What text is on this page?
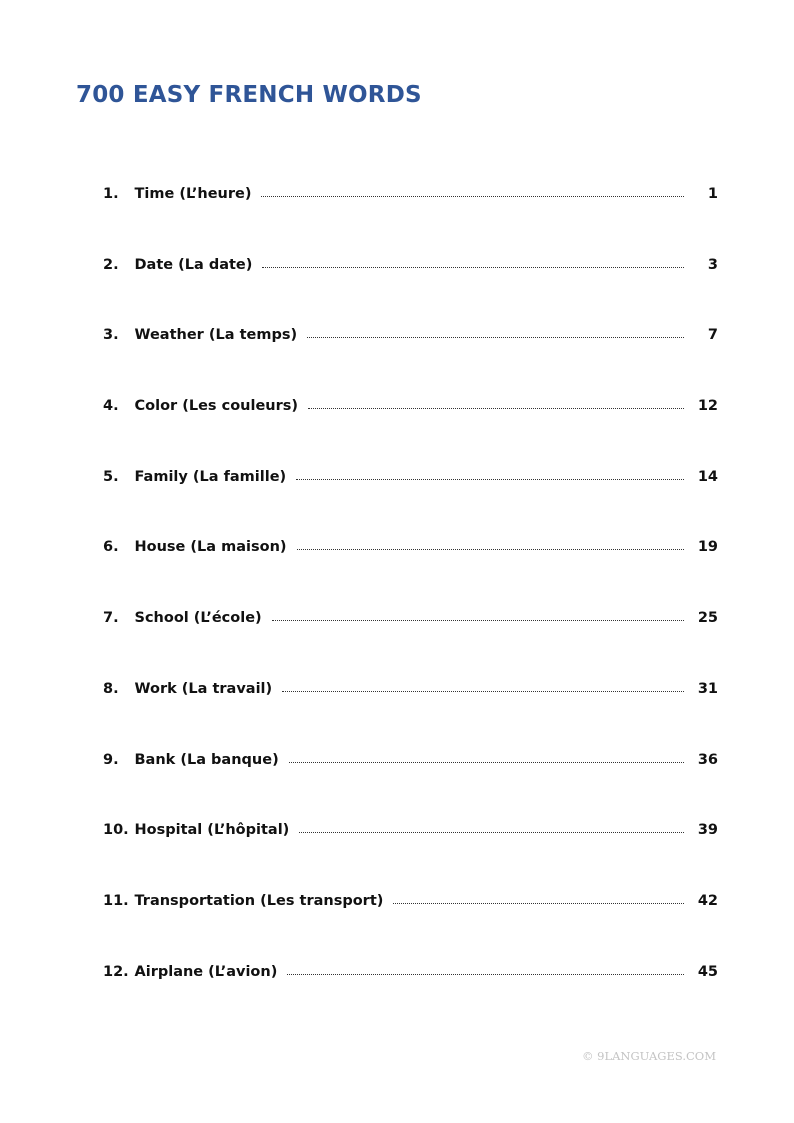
700 EASY FRENCH WORDS
1.	Time (L’heure)	1
2.	Date (La date)	3
3.	Weather (La temps)	7
4.	Color (Les couleurs)	12
5.	Family (La famille)	14
6.	House (La maison)	19
7.	School (L’école)	25
8.	Work (La travail)	31
9.	Bank (La banque)	36
10. Hospital (L’hôpital)	39
11. Transportation (Les transport)	42
12. Airplane (L’avion)	45
© 9LANGUAGES.COM
